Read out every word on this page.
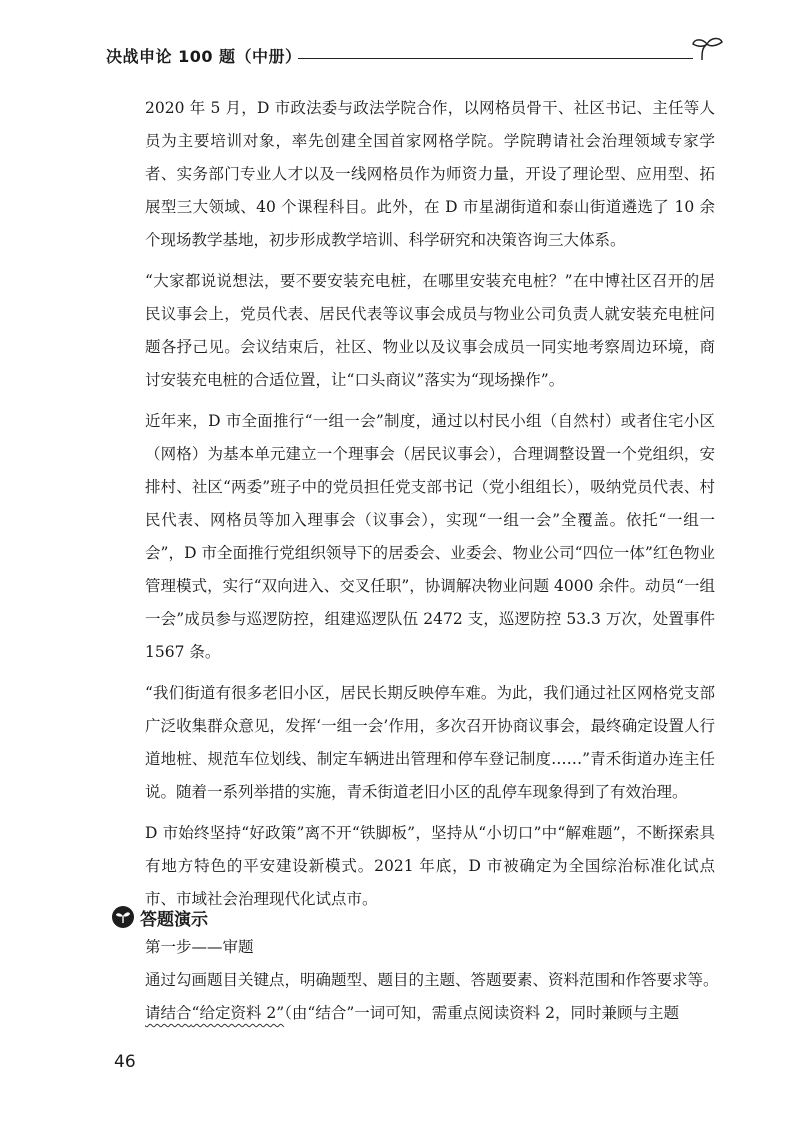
决战申论 100 题（中册）

2020 年 5 月，D 市政法委与政法学院合作，以网格员骨干、社区书记、主任等人员为主要培训对象，率先创建全国首家网格学院。学院聘请社会治理领域专家学者、实务部门专业人才以及一线网格员作为师资力量，开设了理论型、应用型、拓展型三大领域、40 个课程科目。此外，在 D 市星湖街道和泰山街道遴选了 10 余个现场教学基地，初步形成教学培训、科学研究和决策咨询三大体系。

“大家都说说想法，要不要安装充电桩，在哪里安装充电桩？”在中博社区召开的居民议事会上，党员代表、居民代表等议事会成员与物业公司负责人就安装充电桩问题各抒己见。会议结束后，社区、物业以及议事会成员一同实地考察周边环境，商讨安装充电桩的合适位置，让“口头商议”落实为“现场操作”。

近年来，D 市全面推行“一组一会”制度，通过以村民小组（自然村）或者住宅小区（网格）为基本单元建立一个理事会（居民议事会），合理调整设置一个党组织，安排村、社区“两委”班子中的党员担任党支部书记（党小组组长），吸纳党员代表、村民代表、网格员等加入理事会（议事会），实现“一组一会”全覆盖。依托“一组一会”，D 市全面推行党组织领导下的居委会、业委会、物业公司“四位一体”红色物业管理模式，实行“双向进入、交叉任职”，协调解决物业问题 4000 余件。动员“一组一会”成员参与巡逻防控，组建巡逻队伍 2472 支，巡逻防控 53.3 万次，处置事件 1567 条。

“我们街道有很多老旧小区，居民长期反映停车难。为此，我们通过社区网格党支部广泛收集群众意见，发挥‘一组一会’作用，多次召开协商议事会，最终确定设置人行道地桩、规范车位划线、制定车辆进出管理和停车登记制度……”青禾街道办连主任说。随着一系列举措的实施，青禾街道老旧小区的乱停车现象得到了有效治理。

D 市始终坚持“好政策”离不开“铁脚板”，坚持从“小切口”中“解难题”，不断探索具有地方特色的平安建设新模式。2021 年底，D 市被确定为全国综治标准化试点市、市域社会治理现代化试点市。

答题演示
第一步——审题
通过勾画题目关键点，明确题型、题目的主题、答题要素、资料范围和作答要求等。
请结合“给定资料 2”（由“结合”一词可知，需重点阅读资料 2，同时兼顾与主题
46
